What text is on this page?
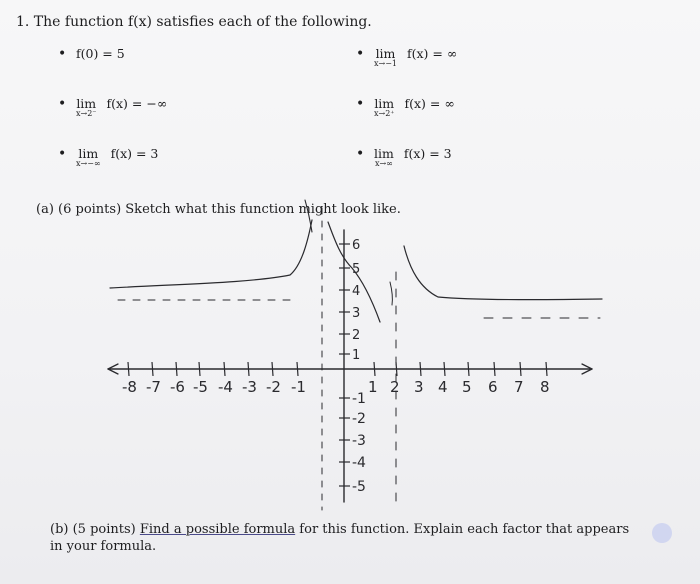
1. The function f(x) satisfies each of the following.
• f(0) = 5	• lim
x→−1
f(x) = ∞
• lim
x→2⁻
f(x) = −∞	• lim
x→2⁺
f(x) = ∞
• lim
x→−∞
f(x) = 3	• lim
x→∞
f(x) = 3
(a) (6 points) Sketch what this function might look like.
-8 -7 -6 -5 -4 -3 -2 -1	1 2 3 4 5 6 7 8
6
5
4
3
2
1
-1
-2
-3
-4
-5
(b) (5 points) Find a possible formula for this function. Explain each factor that appears in your formula.
